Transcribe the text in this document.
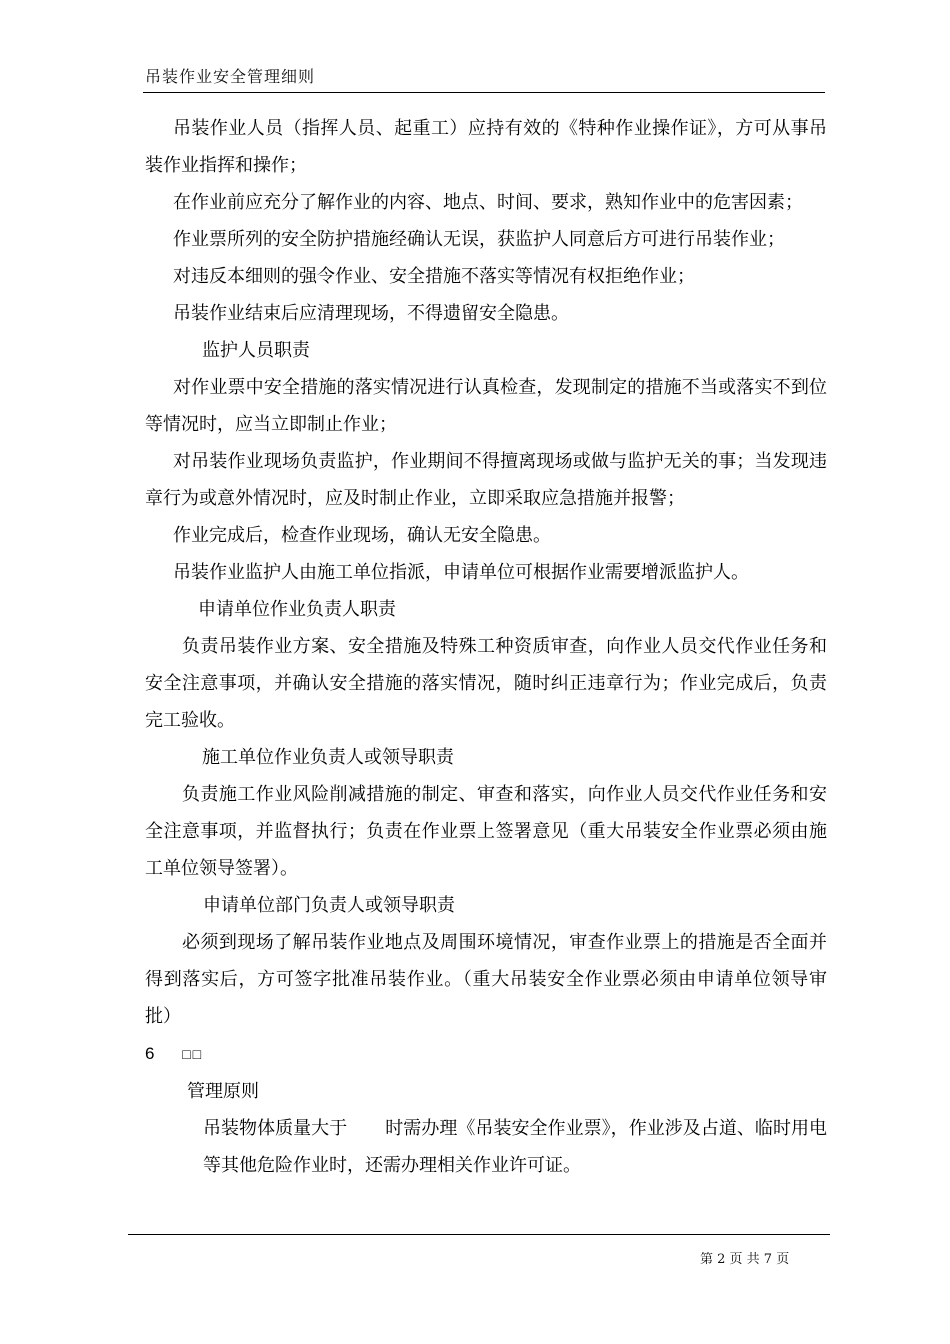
吊装作业安全管理细则

吊装作业人员（指挥人员、起重工）应持有效的《特种作业操作证》，方可从事吊装作业指挥和操作；

在作业前应充分了解作业的内容、地点、时间、要求，熟知作业中的危害因素；

作业票所列的安全防护措施经确认无误，获监护人同意后方可进行吊装作业；

对违反本细则的强令作业、安全措施不落实等情况有权拒绝作业；

吊装作业结束后应清理现场，不得遗留安全隐患。

监护人员职责

对作业票中安全措施的落实情况进行认真检查，发现制定的措施不当或落实不到位等情况时，应当立即制止作业；

对吊装作业现场负责监护，作业期间不得擅离现场或做与监护无关的事；当发现违章行为或意外情况时，应及时制止作业，立即采取应急措施并报警；

作业完成后，检查作业现场，确认无安全隐患。

吊装作业监护人由施工单位指派，申请单位可根据作业需要增派监护人。

申请单位作业负责人职责

负责吊装作业方案、安全措施及特殊工种资质审查，向作业人员交代作业任务和安全注意事项，并确认安全措施的落实情况，随时纠正违章行为；作业完成后，负责完工验收。

施工单位作业负责人或领导职责

负责施工作业风险削减措施的制定、审查和落实，向作业人员交代作业任务和安全注意事项，并监督执行；负责在作业票上签署意见（重大吊装安全作业票必须由施工单位领导签署）。

申请单位部门负责人或领导职责

必须到现场了解吊装作业地点及周围环境情况，审查作业票上的措施是否全面并得到落实后，方可签字批准吊装作业。（重大吊装安全作业票必须由申请单位领导审批）

6 □□

管理原则

吊装物体质量大于 时需办理《吊装安全作业票》，作业涉及占道、临时用电等其他危险作业时，还需办理相关作业许可证。

第 2 页 共 7 页
